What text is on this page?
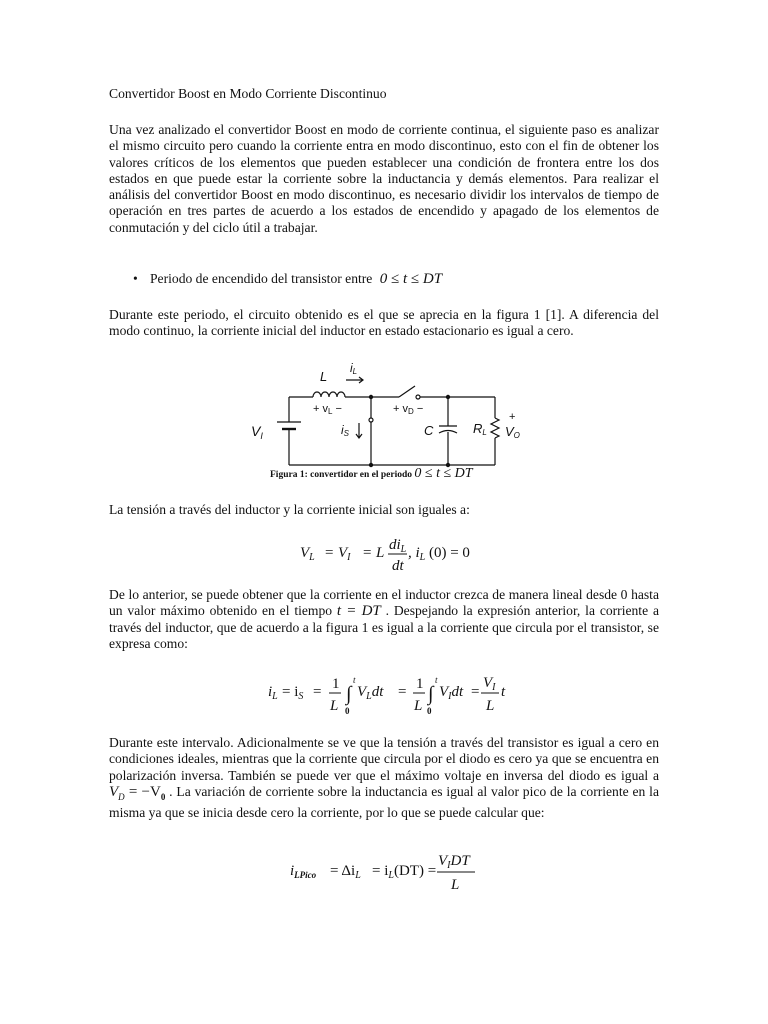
Convertidor Boost en Modo Corriente Discontinuo

Una vez analizado el convertidor Boost en modo de corriente continua, el siguiente paso es analizar el mismo circuito pero cuando la corriente entra en modo discontinuo, esto con el fin de obtener los valores críticos de los elementos que pueden establecer una condición de frontera entre los dos estados en que puede estar la corriente sobre la inductancia y demás elementos. Para realizar el análisis del convertidor Boost en modo discontinuo, es necesario dividir los intervalos de tiempo de operación en tres partes de acuerdo a los estados de encendido y apagado de los elementos de conmutación y del ciclo útil a trabajar.

• Periodo de encendido del transistor entre 0 ≤ t ≤ DT

Durante este periodo, el circuito obtenido es el que se aprecia en la figura 1 [1]. A diferencia del modo continuo, la corriente inicial del inductor en estado estacionario es igual a cero.

L
iL
+ vL −	+ vD −
$V_I$	iS	C	RL
+
VO
Figura 1: convertidor en el periodo 0 ≤ t ≤ DT

La tensión a través del inductor y la corriente inicial son iguales a:

$V_L = V_I = L$ $di_L$
dt
, $i_L$ (0) = 0

De lo anterior, se puede obtener que la corriente en el inductor crezca de manera lineal desde 0 hasta un valor máximo obtenido en el tiempo t = DT . Despejando la expresión anterior, la corriente a través del inductor, que de acuerdo a la figura 1 es igual a la corriente que circula por el transistor, se expresa como:

$i_L = i_S = 1$
L
∫
t
0
$V_Ldt = 1$
L
∫
t
0
$V_Idt$ =
$V_I$
L
t

Durante este intervalo. Adicionalmente se ve que la tensión a través del transistor es igual a cero en condiciones ideales, mientras que la corriente que circula por el diodo es cero ya que se encuentra en polarización inversa. También se puede ver que el máximo voltaje en inversa del diodo es igual a $V_D = -V_0$ . La variación de corriente sobre la inductancia es igual al valor pico de la corriente en la misma ya que se inicia desde cero la corriente, por lo que se puede calcular que:

$i_{LPico} = \Delta i_L = i_L(DT)$ =
$V_IDT$
L
